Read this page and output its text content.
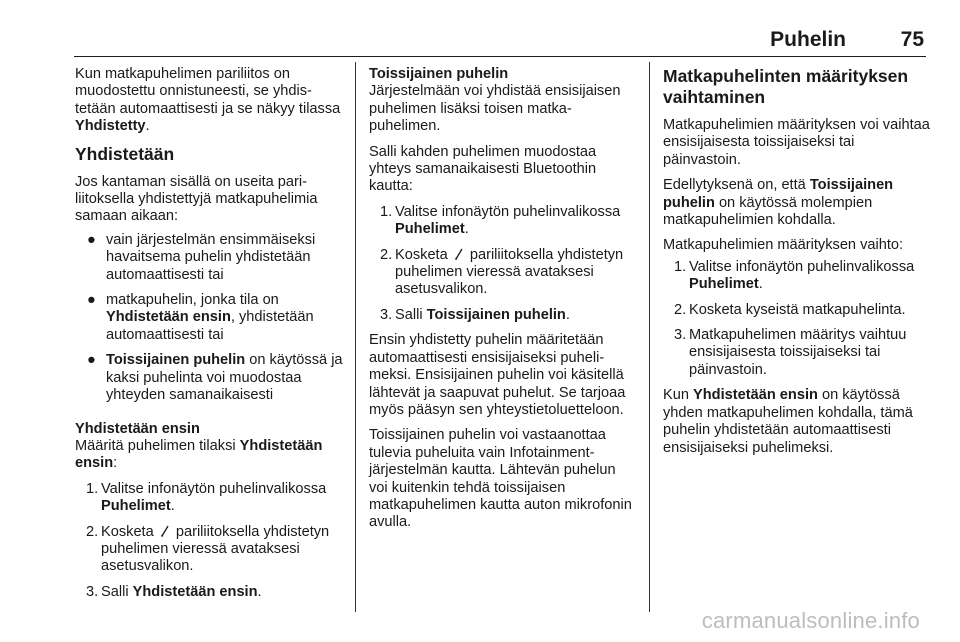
Puhelin	75

Kun matkapuhelimen pariliitos on muodostettu onnistuneesti, se yhdistetään automaattisesti ja se näkyy tilassa Yhdistetty.

Yhdistetään

Jos kantaman sisällä on useita pariliitoksella yhdistettyjä matkapuhelimia samaan aikaan:

● vain järjestelmän ensimmäiseksi havaitsema puhelin yhdistetään automaattisesti tai
● matkapuhelin, jonka tila on Yhdistetään ensin, yhdistetään automaattisesti tai
● Toissijainen puhelin on käytössä ja kaksi puhelinta voi muodostaa yhteyden samanaikaisesti
Yhdistetään ensin

Määritä puhelimen tilaksi Yhdistetään ensin:

1. Valitse infonäytön puhelinvalikossa Puhelimet.
2. Kosketa  pariliitoksella yhdistetyn puhelimen vieressä avataksesi asetusvalikon.
3. Salli Yhdistetään ensin.
Toissijainen puhelin

Järjestelmään voi yhdistää ensisijaisen puhelimen lisäksi toisen matkapuhelimen.

Salli kahden puhelimen muodostaa yhteys samanaikaisesti Bluetoothin kautta:

1. Valitse infonäytön puhelinvalikossa Puhelimet.
2. Kosketa  pariliitoksella yhdistetyn puhelimen vieressä avataksesi asetusvalikon.
3. Salli Toissijainen puhelin.

Ensin yhdistetty puhelin määritetään automaattisesti ensisijaiseksi puhelimeksi. Ensisijainen puhelin voi käsitellä lähtevät ja saapuvat puhelut. Se tarjoaa myös pääsyn sen yhteystietoluetteloon.

Toissijainen puhelin voi vastaanottaa tulevia puheluita vain Infotainment-järjestelmän kautta. Lähtevän puhelun voi kuitenkin tehdä toissijaisen matkapuhelimen kautta auton mikrofonin avulla.

Matkapuhelinten määrityksen vaihtaminen

Matkapuhelimien määrityksen voi vaihtaa ensisijaisesta toissijaiseksi tai päinvastoin.

Edellytyksenä on, että Toissijainen puhelin on käytössä molempien matkapuhelimien kohdalla.

Matkapuhelimien määrityksen vaihto:

1. Valitse infonäytön puhelinvalikossa Puhelimet.
2. Kosketa kyseistä matkapuhelinta.
3. Matkapuhelimen määritys vaihtuu ensisijaisesta toissijaiseksi tai päinvastoin.

Kun Yhdistetään ensin on käytössä yhden matkapuhelimen kohdalla, tämä puhelin yhdistetään automaattisesti ensisijaiseksi puhelimeksi.

carmanualsonline.info
